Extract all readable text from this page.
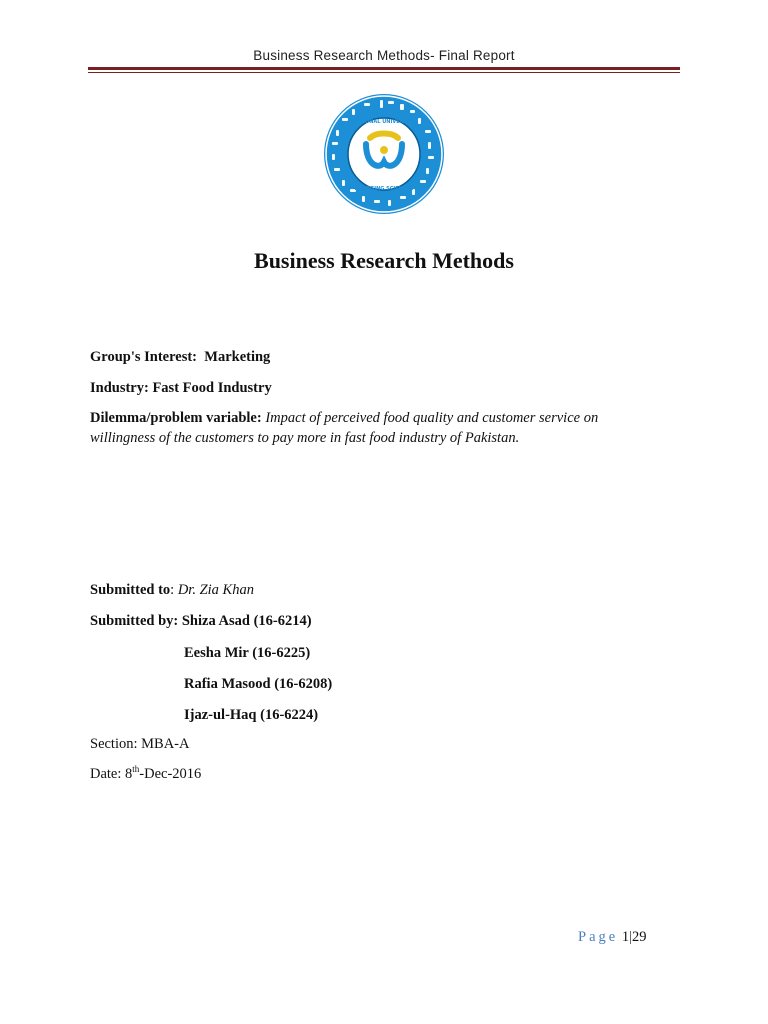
Business Research Methods- Final Report
NATIONAL UNIVERSITY
EMERGING SCIENCES
Business Research Methods
Group's Interest: Marketing
Industry: Fast Food Industry
Dilemma/problem variable: Impact of perceived food quality and customer service on
willingness of the customers to pay more in fast food industry of Pakistan.
Submitted to: Dr. Zia Khan
Submitted by: Shiza Asad (16-6214)
Eesha Mir (16-6225)
Rafia Masood (16-6208)
Ijaz-ul-Haq (16-6224)
Section: MBA-A
Date: 8th-Dec-2016
Page 1|29
